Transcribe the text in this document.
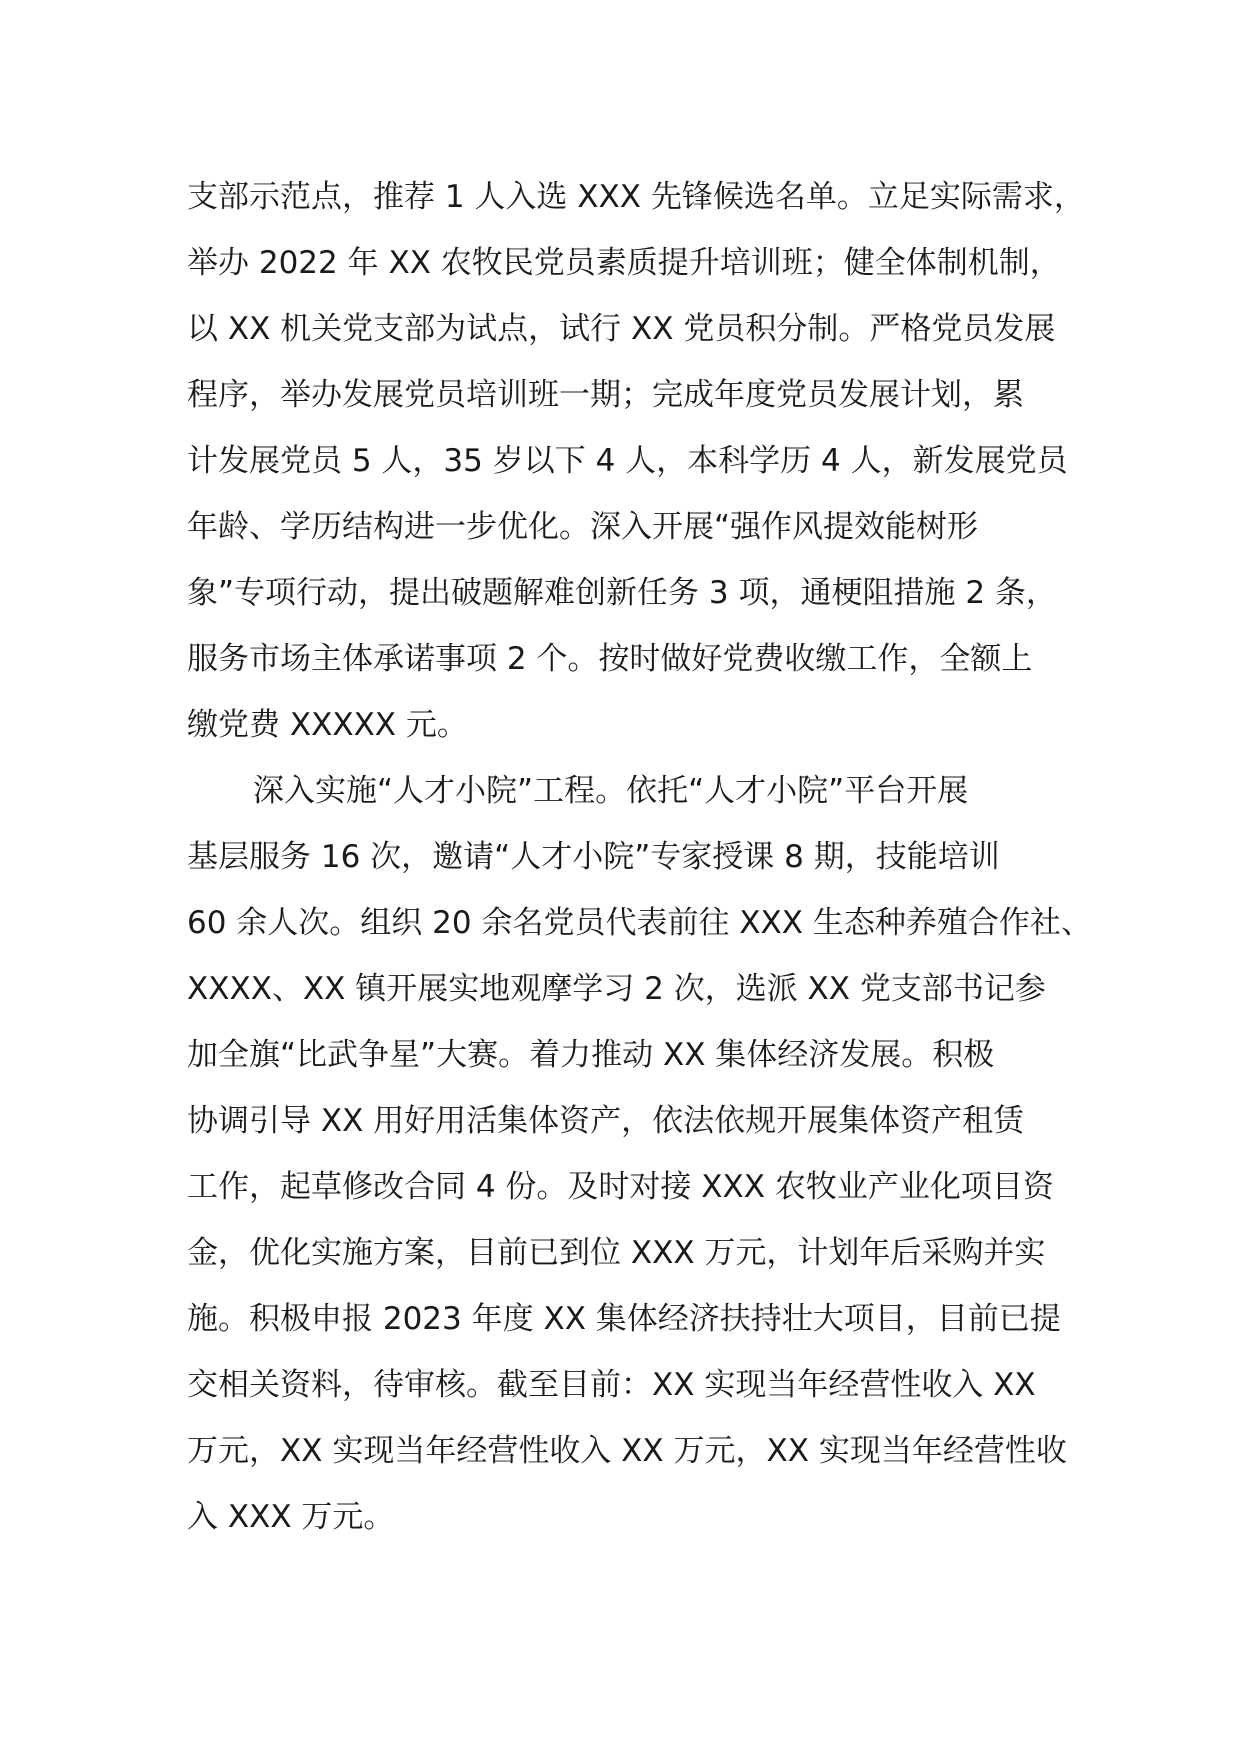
支部示范点，推荐 1 人入选 XXX 先锋候选名单。立足实际需求，
举办 2022 年 XX 农牧民党员素质提升培训班；健全体制机制，
以 XX 机关党支部为试点，试行 XX 党员积分制。严格党员发展
程序，举办发展党员培训班一期；完成年度党员发展计划，累
计发展党员 5 人，35 岁以下 4 人，本科学历 4 人，新发展党员
年龄、学历结构进一步优化。深入开展“强作风提效能树形
象”专项行动，提出破题解难创新任务 3 项，通梗阻措施 2 条，
服务市场主体承诺事项 2 个。按时做好党费收缴工作，全额上
缴党费 XXXXX 元。
深入实施“人才小院”工程。依托“人才小院”平台开展
基层服务 16 次，邀请“人才小院”专家授课 8 期，技能培训
60 余人次。组织 20 余名党员代表前往 XXX 生态种养殖合作社、
XXXX、XX 镇开展实地观摩学习 2 次，选派 XX 党支部书记参
加全旗“比武争星”大赛。着力推动 XX 集体经济发展。积极
协调引导 XX 用好用活集体资产，依法依规开展集体资产租赁
工作，起草修改合同 4 份。及时对接 XXX 农牧业产业化项目资
金，优化实施方案，目前已到位 XXX 万元，计划年后采购并实
施。积极申报 2023 年度 XX 集体经济扶持壮大项目，目前已提
交相关资料，待审核。截至目前：XX 实现当年经营性收入 XX
万元，XX 实现当年经营性收入 XX 万元，XX 实现当年经营性收
入 XXX 万元。
